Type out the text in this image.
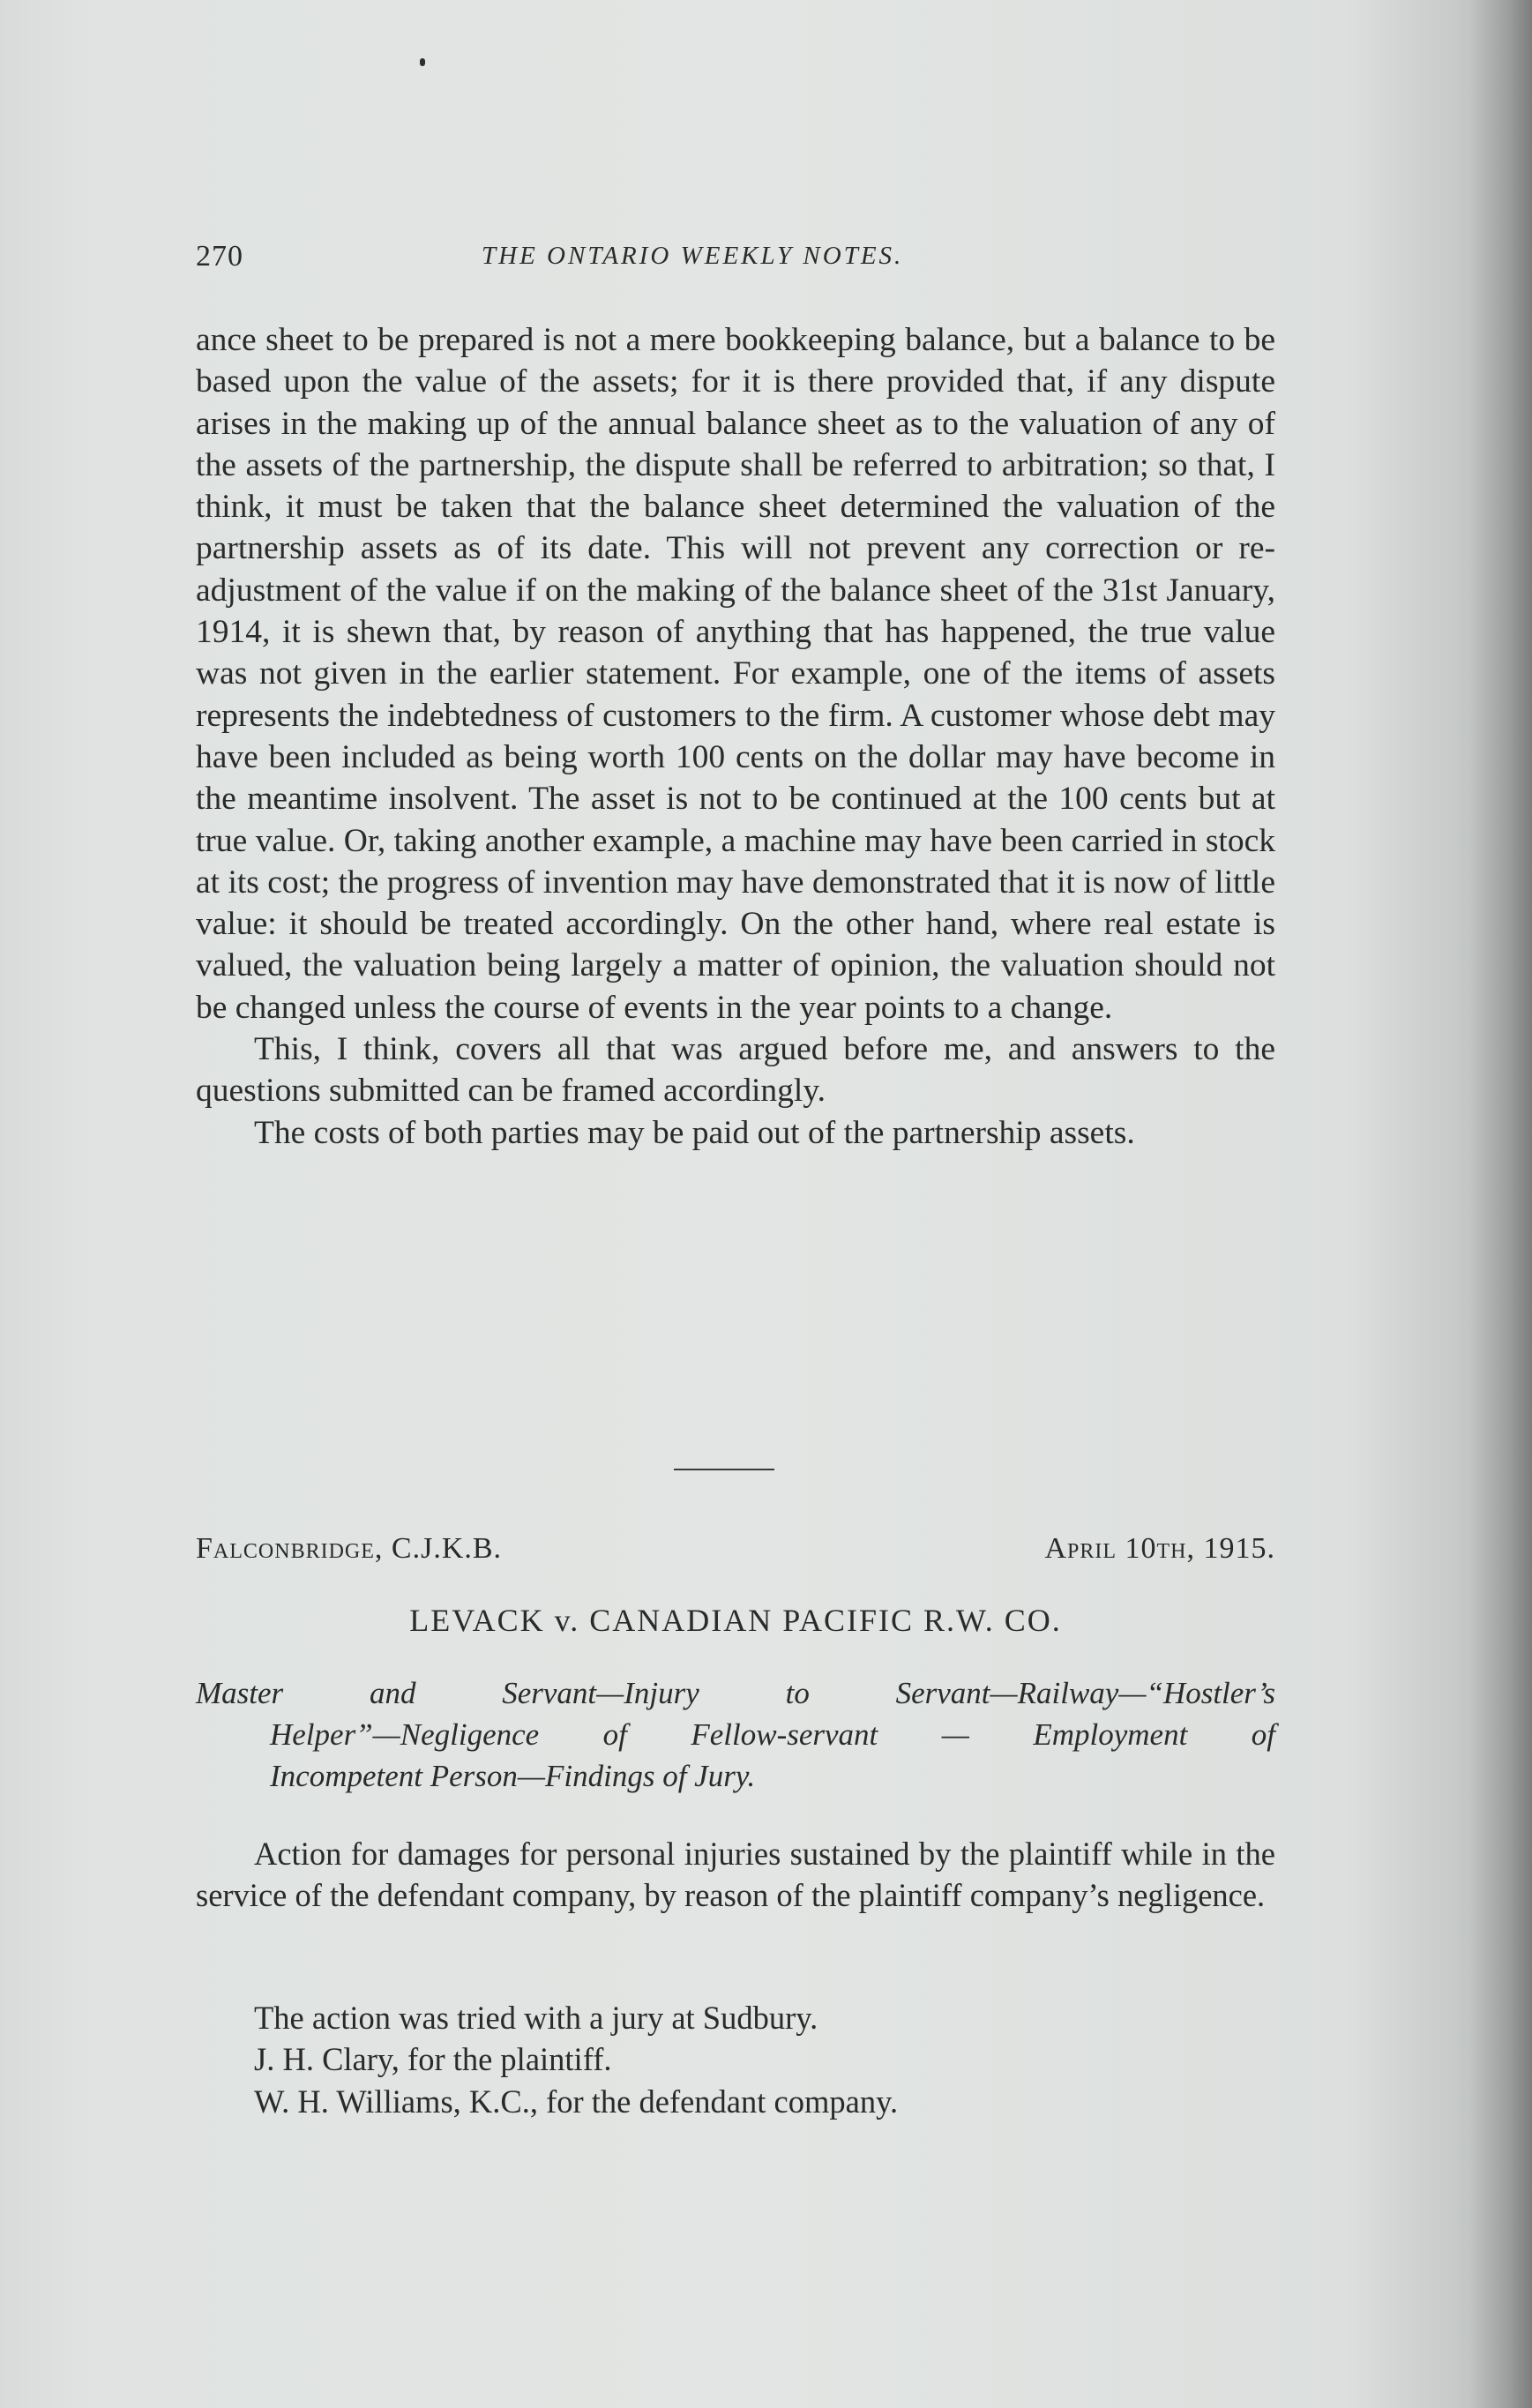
270	THE ONTARIO WEEKLY NOTES.

ance sheet to be prepared is not a mere bookkeeping balance, but a balance to be based upon the value of the assets; for it is there provided that, if any dispute arises in the making up of the annual balance sheet as to the valuation of any of the assets of the partnership, the dispute shall be referred to arbitration; so that, I think, it must be taken that the balance sheet determined the valuation of the partnership assets as of its date. This will not prevent any correction or re-adjustment of the value if on the making of the balance sheet of the 31st January, 1914, it is shewn that, by reason of anything that has happened, the true value was not given in the earlier statement. For example, one of the items of assets represents the indebtedness of customers to the firm. A customer whose debt may have been included as being worth 100 cents on the dollar may have become in the meantime insolvent. The asset is not to be continued at the 100 cents but at true value. Or, taking another example, a machine may have been carried in stock at its cost; the progress of invention may have demonstrated that it is now of little value: it should be treated accordingly. On the other hand, where real estate is valued, the valuation being largely a matter of opinion, the valuation should not be changed unless the course of events in the year points to a change.

This, I think, covers all that was argued before me, and answers to the questions submitted can be framed accordingly.

The costs of both parties may be paid out of the partnership assets.

Falconbridge, C.J.K.B.	April 10th, 1915.
LEVACK v. CANADIAN PACIFIC R.W. CO.
Master and Servant—Injury to Servant—Railway—“Hostler’s
Helper”—Negligence of Fellow-servant — Employment of
Incompetent Person—Findings of Jury.

Action for damages for personal injuries sustained by the plaintiff while in the service of the defendant company, by reason of the plaintiff company’s negligence.

The action was tried with a jury at Sudbury.

J. H. Clary, for the plaintiff.

W. H. Williams, K.C., for the defendant company.
